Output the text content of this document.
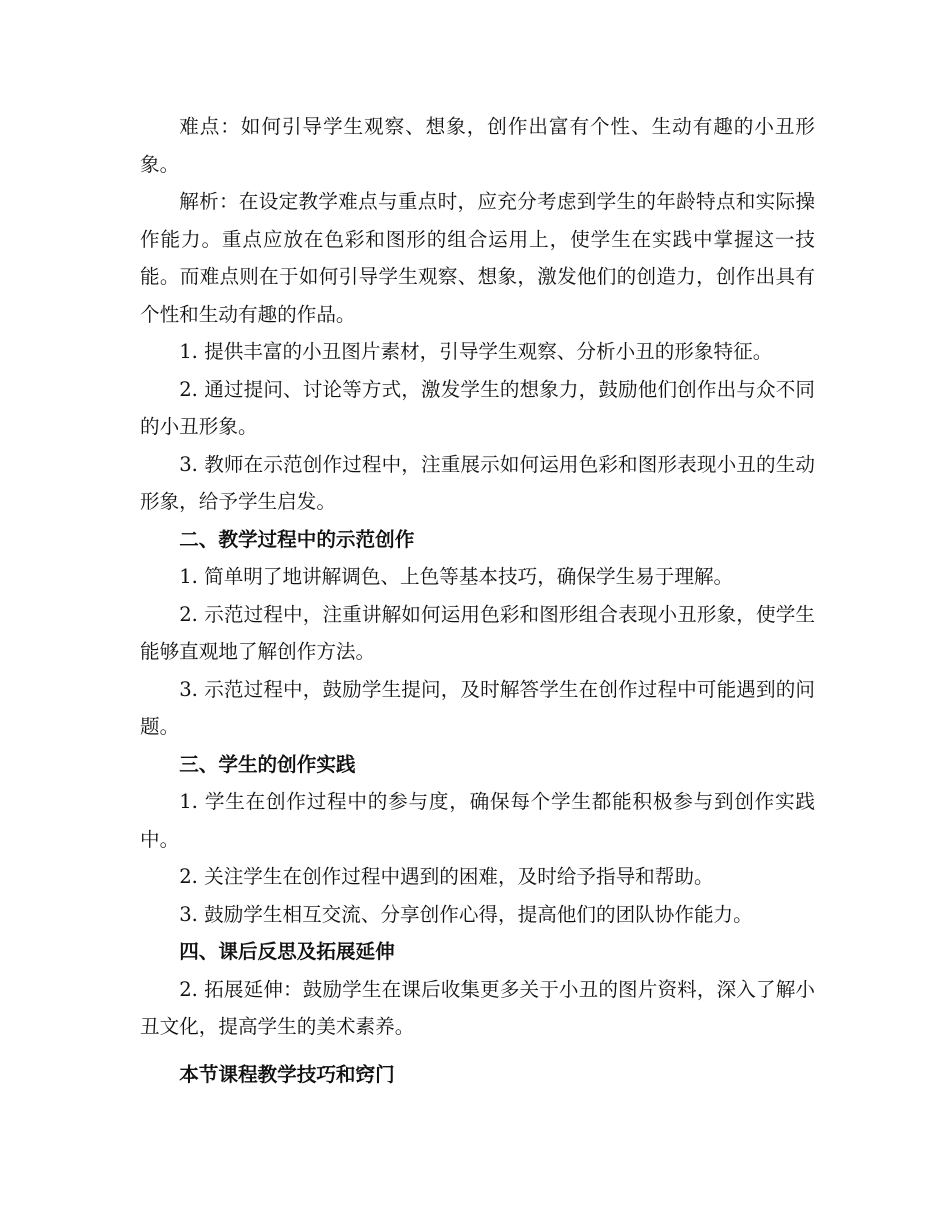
难点：如何引导学生观察、想象，创作出富有个性、生动有趣的小丑形象。

解析：在设定教学难点与重点时，应充分考虑到学生的年龄特点和实际操作能力。重点应放在色彩和图形的组合运用上，使学生在实践中掌握这一技能。而难点则在于如何引导学生观察、想象，激发他们的创造力，创作出具有个性和生动有趣的作品。

1. 提供丰富的小丑图片素材，引导学生观察、分析小丑的形象特征。

2. 通过提问、讨论等方式，激发学生的想象力，鼓励他们创作出与众不同的小丑形象。

3. 教师在示范创作过程中，注重展示如何运用色彩和图形表现小丑的生动形象，给予学生启发。

二、教学过程中的示范创作

1. 简单明了地讲解调色、上色等基本技巧，确保学生易于理解。

2. 示范过程中，注重讲解如何运用色彩和图形组合表现小丑形象，使学生能够直观地了解创作方法。

3. 示范过程中，鼓励学生提问，及时解答学生在创作过程中可能遇到的问题。

三、学生的创作实践

1. 学生在创作过程中的参与度，确保每个学生都能积极参与到创作实践中。

2. 关注学生在创作过程中遇到的困难，及时给予指导和帮助。

3. 鼓励学生相互交流、分享创作心得，提高他们的团队协作能力。

四、课后反思及拓展延伸

2. 拓展延伸：鼓励学生在课后收集更多关于小丑的图片资料，深入了解小丑文化，提高学生的美术素养。

本节课程教学技巧和窍门
